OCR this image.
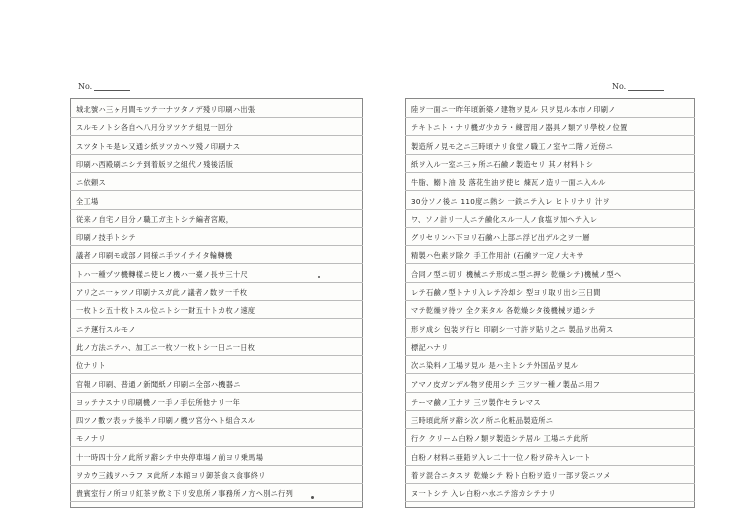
No.	No.
城北號ハ三ヶ月間モツテ一ナツタノデ殘リ印刷ハ出張
スルモノトシ各自へ八月分ヲツケテ組見一回分
スツタトモ是レ又通シ紙ヲツカヘツ殘ノ印刷ナス
印刷ハ西殿刷ニシテ到着版ヲ之組代ノ殘後活版
ニ依頼ス
全工場
従来ノ自宅ノ目分ノ職工ガ主トシテ編者宮殿，
印刷ノ技手トシテ
議者ノ印刷モ或部ノ同様ニ手ツイテイタ輪轉機
トハ一種ヅツ機轉樣ニ使ヒノ機ハ一臺ノ長サ三十尺
アリ之ニ一ヶツノ印刷ナスガ此ノ議者ノ数ヲ一千枚
一枚トシ五十枚トスル位ニトシ一財五十トカ枚ノ速度
ニテ運行スルモノ
此ノ方法ニテハ、加工ニ一枚ソ一枚トシ一日ニ一日枚
位ナリト
官報ノ印刷、普通ノ新聞紙ノ印刷ニ全部ハ機器ニ
ヨッテナスナリ印刷機ノ一手ノ手伝所他ナリ一年
四ツノ數ツ表ッテ後半ノ印刷ノ機ツ宮分ヘト組合スル
モノナリ
十一時四十分ノ此所ヲ辭シテ中央停車場ノ前ヨリ乗馬場
ヲカウ三銭ヲハラフ ヌ此所ノ本館ヨリ御茶食ス食事終リ
貴賓室行ノ所ヨリ紅茶ヲ飲ミ下リ安息所ノ事務所ノ方ヘ別ニ行列
陸ヲ一面ニ一昨年頃新築ノ建物ヲ見ル 只ヲ見ル本市ノ印刷ノ
テキトニト・ナリ機ガ少カラ・練習用ノ器具ノ類アリ學校ノ位置
製造所ノ見モ之ニ三時頃ナリ食堂ノ職工ノ室ヤ二階ノ近傍ニ
紙ヲ入ル一室ニ三ヶ所ニ石鹼ノ製造セリ 其ノ材料トシ
牛脂、鰯ト油 及 落花生油ヲ使ヒ 煉瓦ノ造リ一面ニ入ルル
30分ソノ後ニ 110度ニ熱シ 一鉄ニテ入レ ヒトリナリ 汁ヲ
ワ、ソノ計リ一人ニテ鹼化スル一人ノ食塩ヲ加ヘテ入レ
グリセリンハ下ヨリ石鹼ハ上部ニ浮ビ出デル之ヲ一層
精製ハ色素ヲ除ク 手工作用計 (石鹼ヲ一定ノ大キサ
合同ノ型ニ切リ 機械ニテ形成ニ型ニ押シ 乾燥シテ)機械ノ型ヘ
レテ石鹼ノ型トナリ入レテ冷却シ 型ヨリ取リ出シ三日間
マテ乾燥ヲ待ツ 全ク来タル 各乾燥シタ後機械ヲ通シテ
形ヲ成シ 包装ヲ行ヒ 印刷シ一寸許ヲ貼リ之ニ 製品ヲ出荷ス
標記ハナリ
次ニ染料ノ工場ヲ見ル 是ハ主トシテ外国品ヲ見ル
アマノ皮ガンデル物ヲ使用シテ 三ツヲ一種ノ製品ニ用フ
テーマ鹼ノ工ナヲ 三ツ製作セラレマス
三時頃此所ヲ辭シ次ノ所ニ化粧品製造所ニ
行ク クリーム白粉ノ類ヲ製造シテ居ル 工場ニテ此所
白粉ノ材料ニ亜鉛ヲ入レ二十一位ノ粉ヲ砕キ入レ一ト
着ヲ混合ニタスヲ 乾燥シテ 粉ト白粉ヲ造リ一部ヲ袋ニツメ
ヌ一トシテ 入レ白粉ハ水ニテ溶カシテナリ
